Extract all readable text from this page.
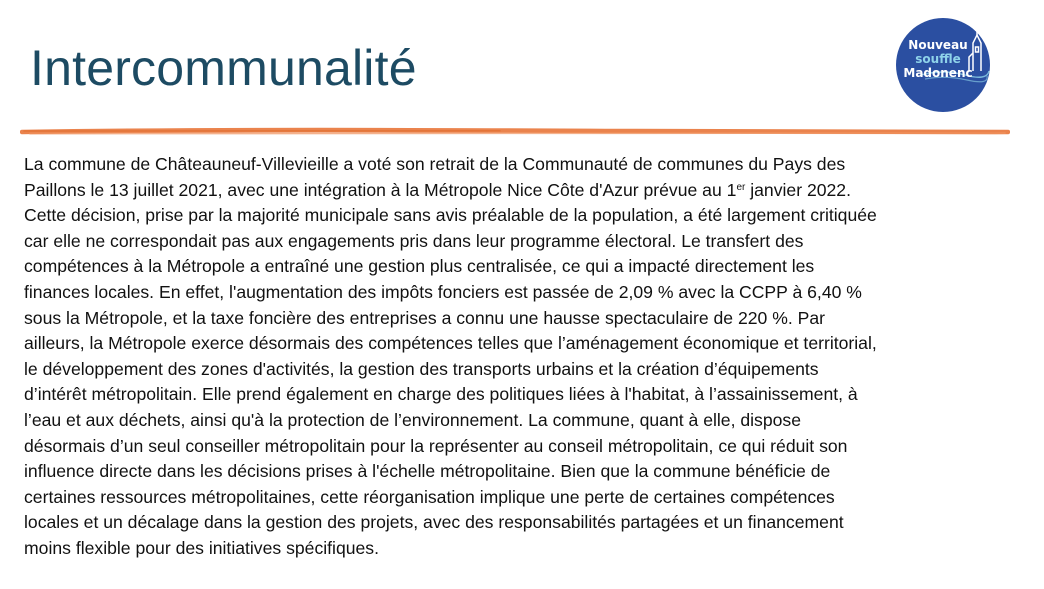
Intercommunalité	Nouveau
souffle
Madonenc

La commune de Châteauneuf-Villevieille a voté son retrait de la Communauté de communes du Pays des
Paillons le 13 juillet 2021, avec une intégration à la Métropole Nice Côte d'Azur prévue au 1er janvier 2022.
Cette décision, prise par la majorité municipale sans avis préalable de la population, a été largement critiquée
car elle ne correspondait pas aux engagements pris dans leur programme électoral. Le transfert des
compétences à la Métropole a entraîné une gestion plus centralisée, ce qui a impacté directement les
finances locales. En effet, l'augmentation des impôts fonciers est passée de 2,09 % avec la CCPP à 6,40 %
sous la Métropole, et la taxe foncière des entreprises a connu une hausse spectaculaire de 220 %. Par
ailleurs, la Métropole exerce désormais des compétences telles que l’aménagement économique et territorial,
le développement des zones d'activités, la gestion des transports urbains et la création d’équipements
d’intérêt métropolitain. Elle prend également en charge des politiques liées à l'habitat, à l’assainissement, à
l’eau et aux déchets, ainsi qu'à la protection de l’environnement. La commune, quant à elle, dispose
désormais d’un seul conseiller métropolitain pour la représenter au conseil métropolitain, ce qui réduit son
influence directe dans les décisions prises à l'échelle métropolitaine. Bien que la commune bénéficie de
certaines ressources métropolitaines, cette réorganisation implique une perte de certaines compétences
locales et un décalage dans la gestion des projets, avec des responsabilités partagées et un financement
moins flexible pour des initiatives spécifiques.
